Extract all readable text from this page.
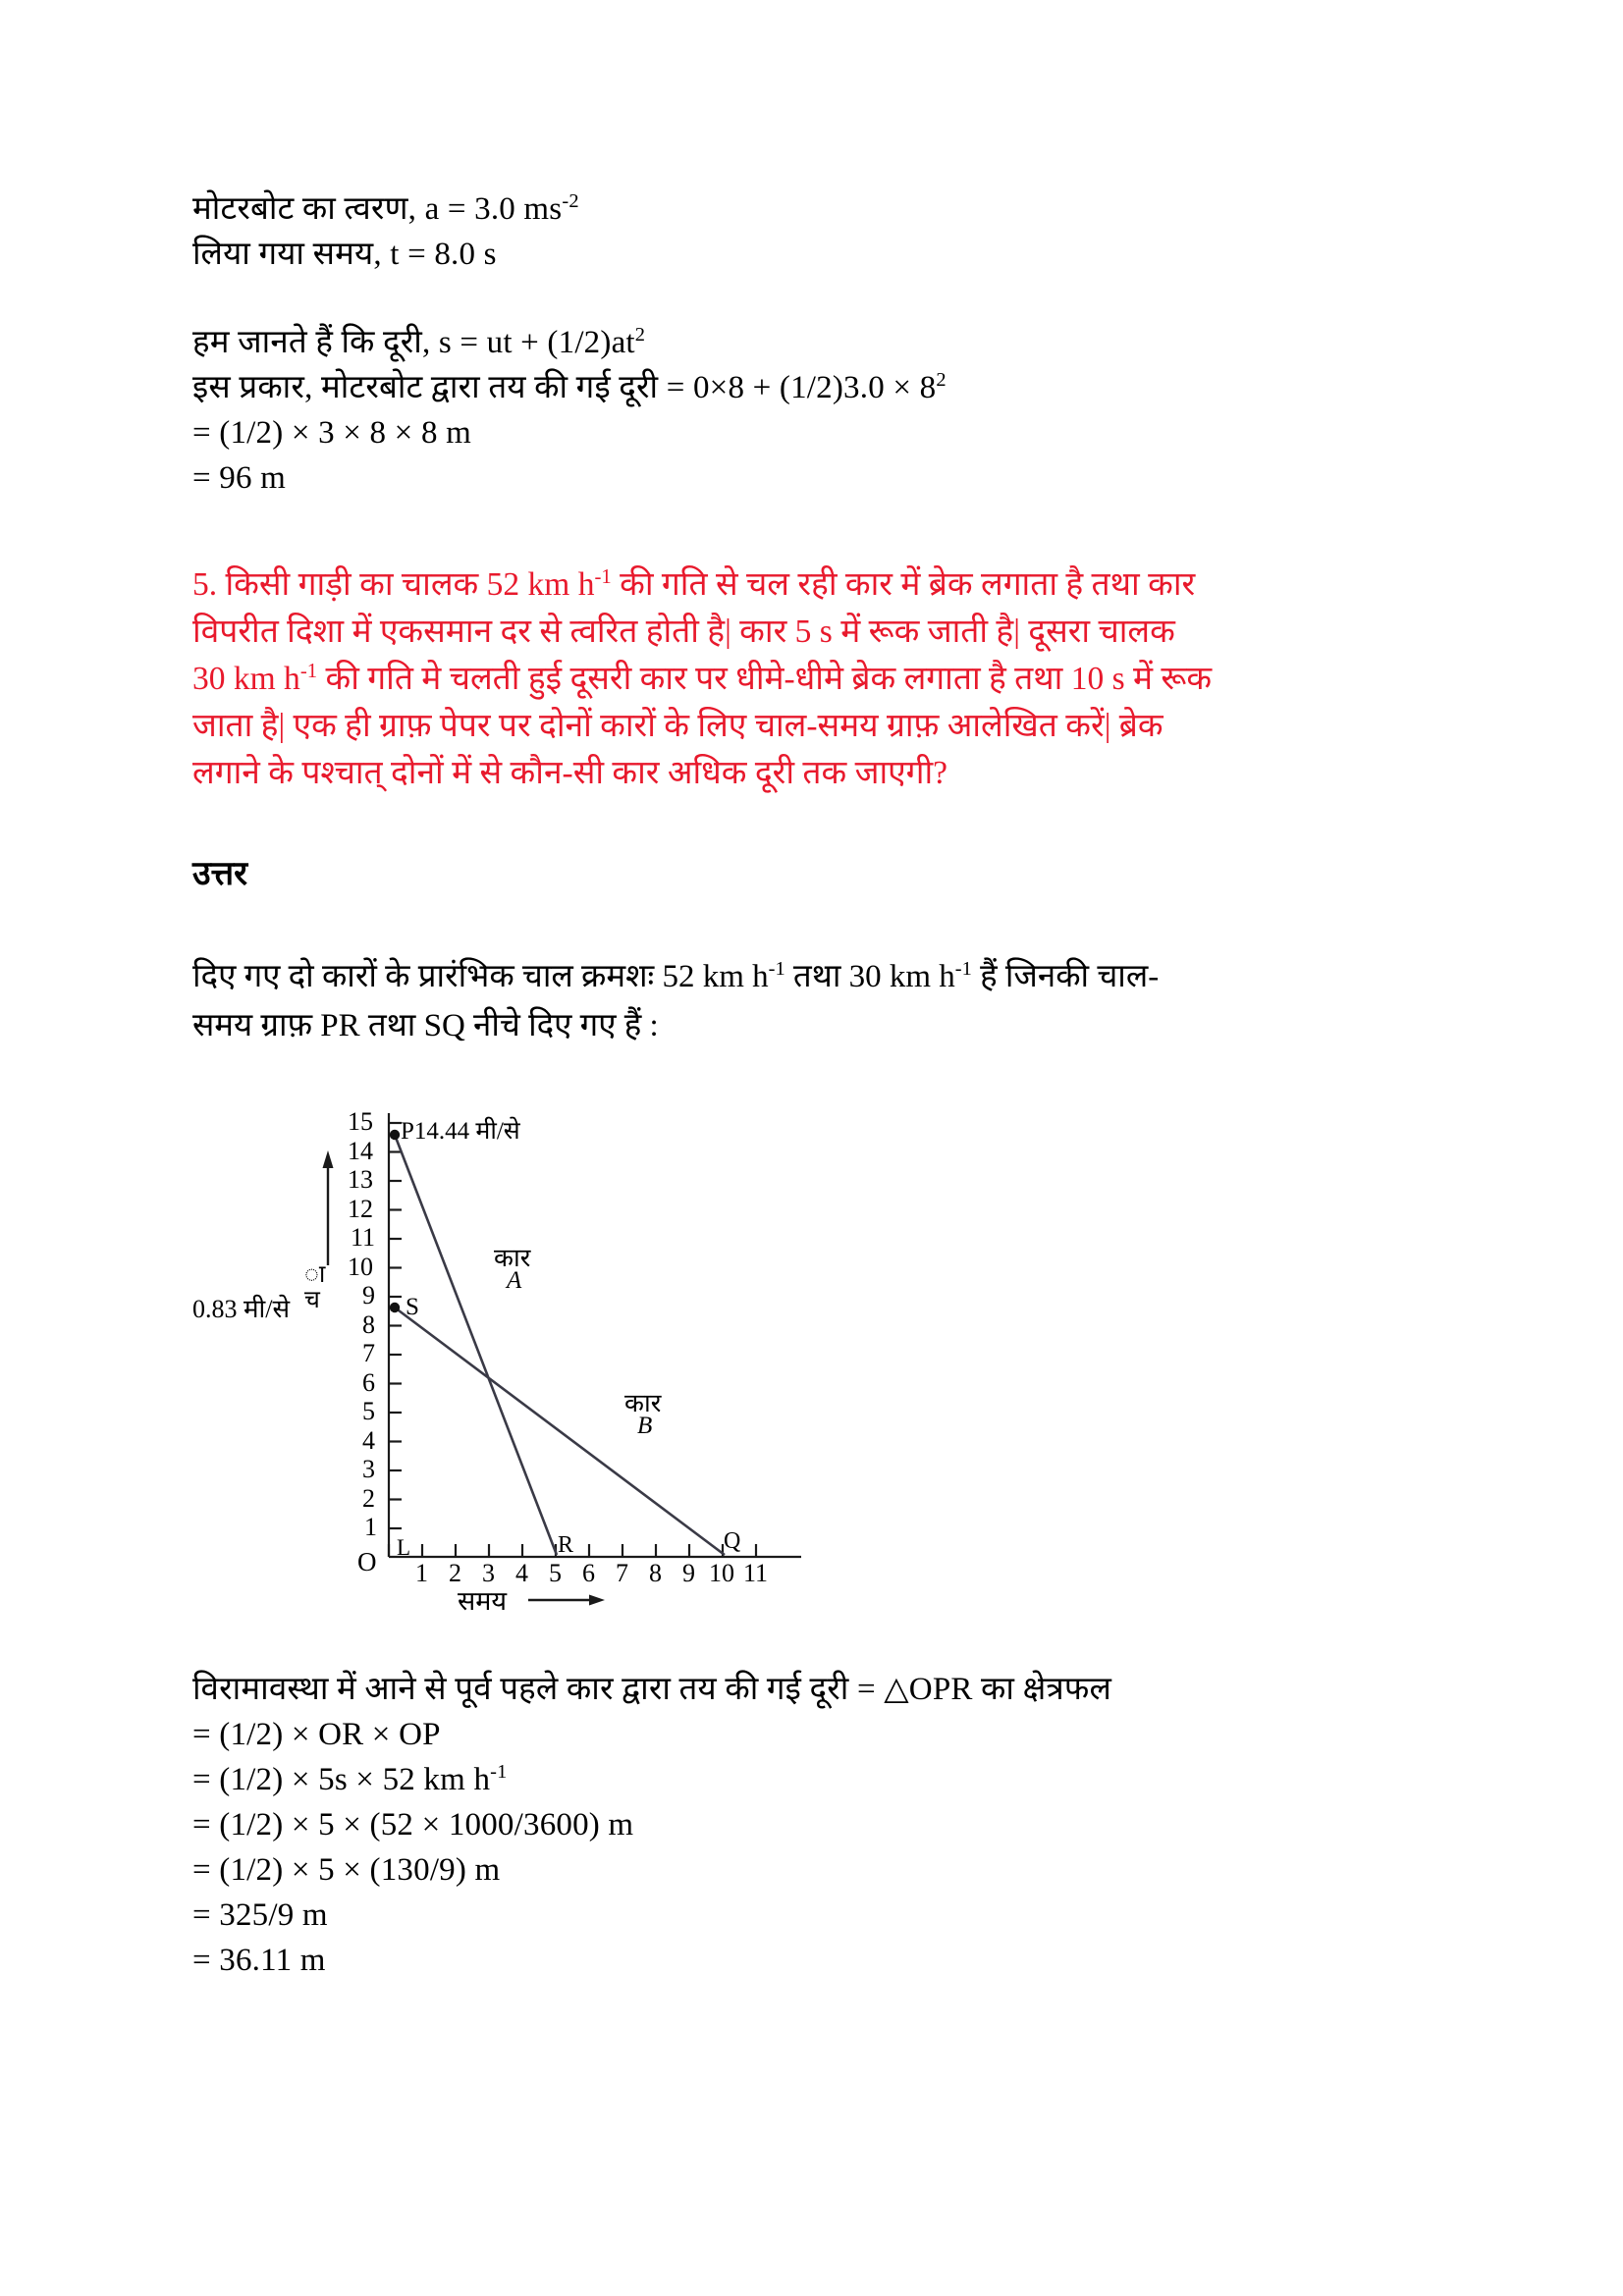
मोटरबोट का त्वरण, a = 3.0 $ms^{-2}$
लिया गया समय, t = 8.0 s
हम जानते हैं कि दूरी, s = ut + $(1/2)at^2$
इस प्रकार, मोटरबोट द्वारा तय की गई दूरी = $0\times 8 + (1/2)3.0 \times 8^2$
= (1/2) × 3 × 8 × 8 m
= 96 m
5. किसी गाड़ी का चालक 52 km $h^{-1}$ की गति से चल रही कार में ब्रेक लगाता है तथा कार
विपरीत दिशा में एकसमान दर से त्वरित होती है| कार 5 s में रूक जाती है| दूसरा चालक
30 km $h^{-1}$ की गति मे चलती हुई दूसरी कार पर धीमे-धीमे ब्रेक लगाता है तथा 10 s में रूक
जाता है| एक ही ग्राफ़ पेपर पर दोनों कारों के लिए चाल-समय ग्राफ़ आलेखित करें| ब्रेक
लगाने के पश्चात् दोनों में से कौन-सी कार अधिक दूरी तक जाएगी?
उत्तर
दिए गए दो कारों के प्रारंभिक चाल क्रमशः 52 km $h^{-1}$ तथा 30 km $h^{-1}$ हैं जिनकी चाल-
समय ग्राफ़ PR तथा SQ नीचे दिए गए हैं :
15
14
13
12
11
10
9
8
7
6
5
4
3
2
1
O 1 2 3 4 5 6 7 8 9 10 11
समय
ा
च
P14.44 मी/से
0.83 मी/से	S
R	Q
L
कार
A
कार
B
विरामावस्था में आने से पूर्व पहले कार द्वारा तय की गई दूरी = △OPR का क्षेत्रफल
= (1/2) × OR × OP
= (1/2) × 5s × 52 km $h^{-1}$
= (1/2) × 5 × (52 × 1000/3600) m
= (1/2) × 5 × (130/9) m
= 325/9 m
= 36.11 m
